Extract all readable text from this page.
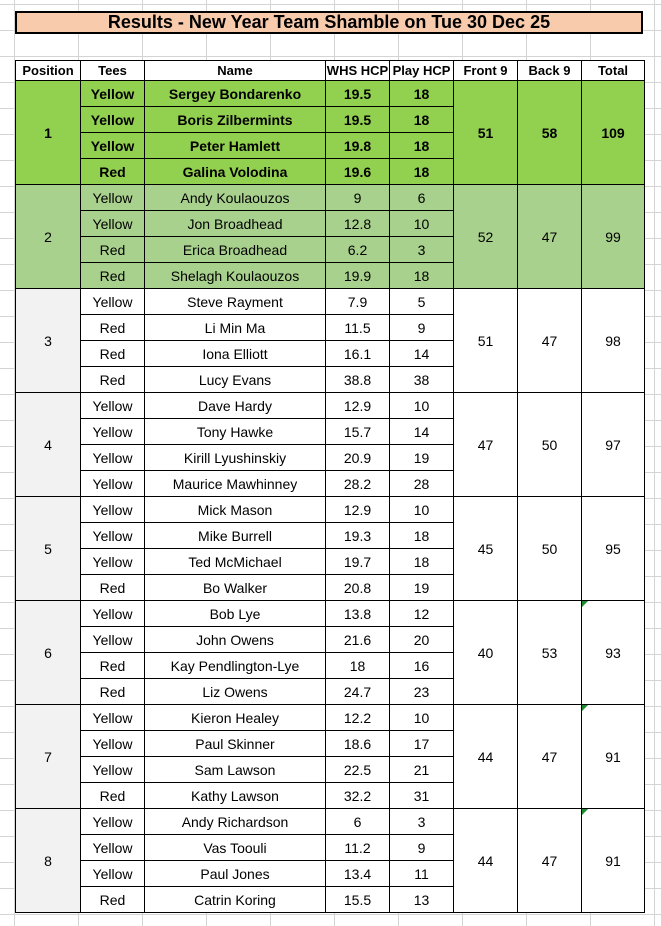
Results - New Year Team Shamble on Tue 30 Dec 25
Position	Tees	Name	WHS HCP	Play HCP	Front 9	Back 9	Total
1	Yellow	Sergey Bondarenko	19.5	18	51	58	109
	Yellow	Boris Zilbermints	19.5	18			
	Yellow	Peter Hamlett	19.8	18			
	Red	Galina Volodina	19.6	18			
2	Yellow	Andy Koulaouzos	9	6	52	47	99
	Yellow	Jon Broadhead	12.8	10			
	Red	Erica Broadhead	6.2	3			
	Red	Shelagh Koulaouzos	19.9	18			
3	Yellow	Steve Rayment	7.9	5	51	47	98
	Red	Li Min Ma	11.5	9			
	Red	Iona Elliott	16.1	14			
	Red	Lucy Evans	38.8	38			
4	Yellow	Dave Hardy	12.9	10	47	50	97
	Yellow	Tony Hawke	15.7	14			
	Yellow	Kirill Lyushinskiy	20.9	19			
	Yellow	Maurice Mawhinney	28.2	28			
5	Yellow	Mick Mason	12.9	10	45	50	95
	Yellow	Mike Burrell	19.3	18			
	Yellow	Ted McMichael	19.7	18			
	Red	Bo Walker	20.8	19			
6	Yellow	Bob Lye	13.8	12	40	53	93
	Yellow	John Owens	21.6	20			
	Red	Kay Pendlington-Lye	18	16			
	Red	Liz Owens	24.7	23			
7	Yellow	Kieron Healey	12.2	10	44	47	91
	Yellow	Paul Skinner	18.6	17			
	Yellow	Sam Lawson	22.5	21			
	Red	Kathy Lawson	32.2	31			
8	Yellow	Andy Richardson	6	3	44	47	91
	Yellow	Vas Toouli	11.2	9			
	Yellow	Paul Jones	13.4	11			
	Red	Catrin Koring	15.5	13			
